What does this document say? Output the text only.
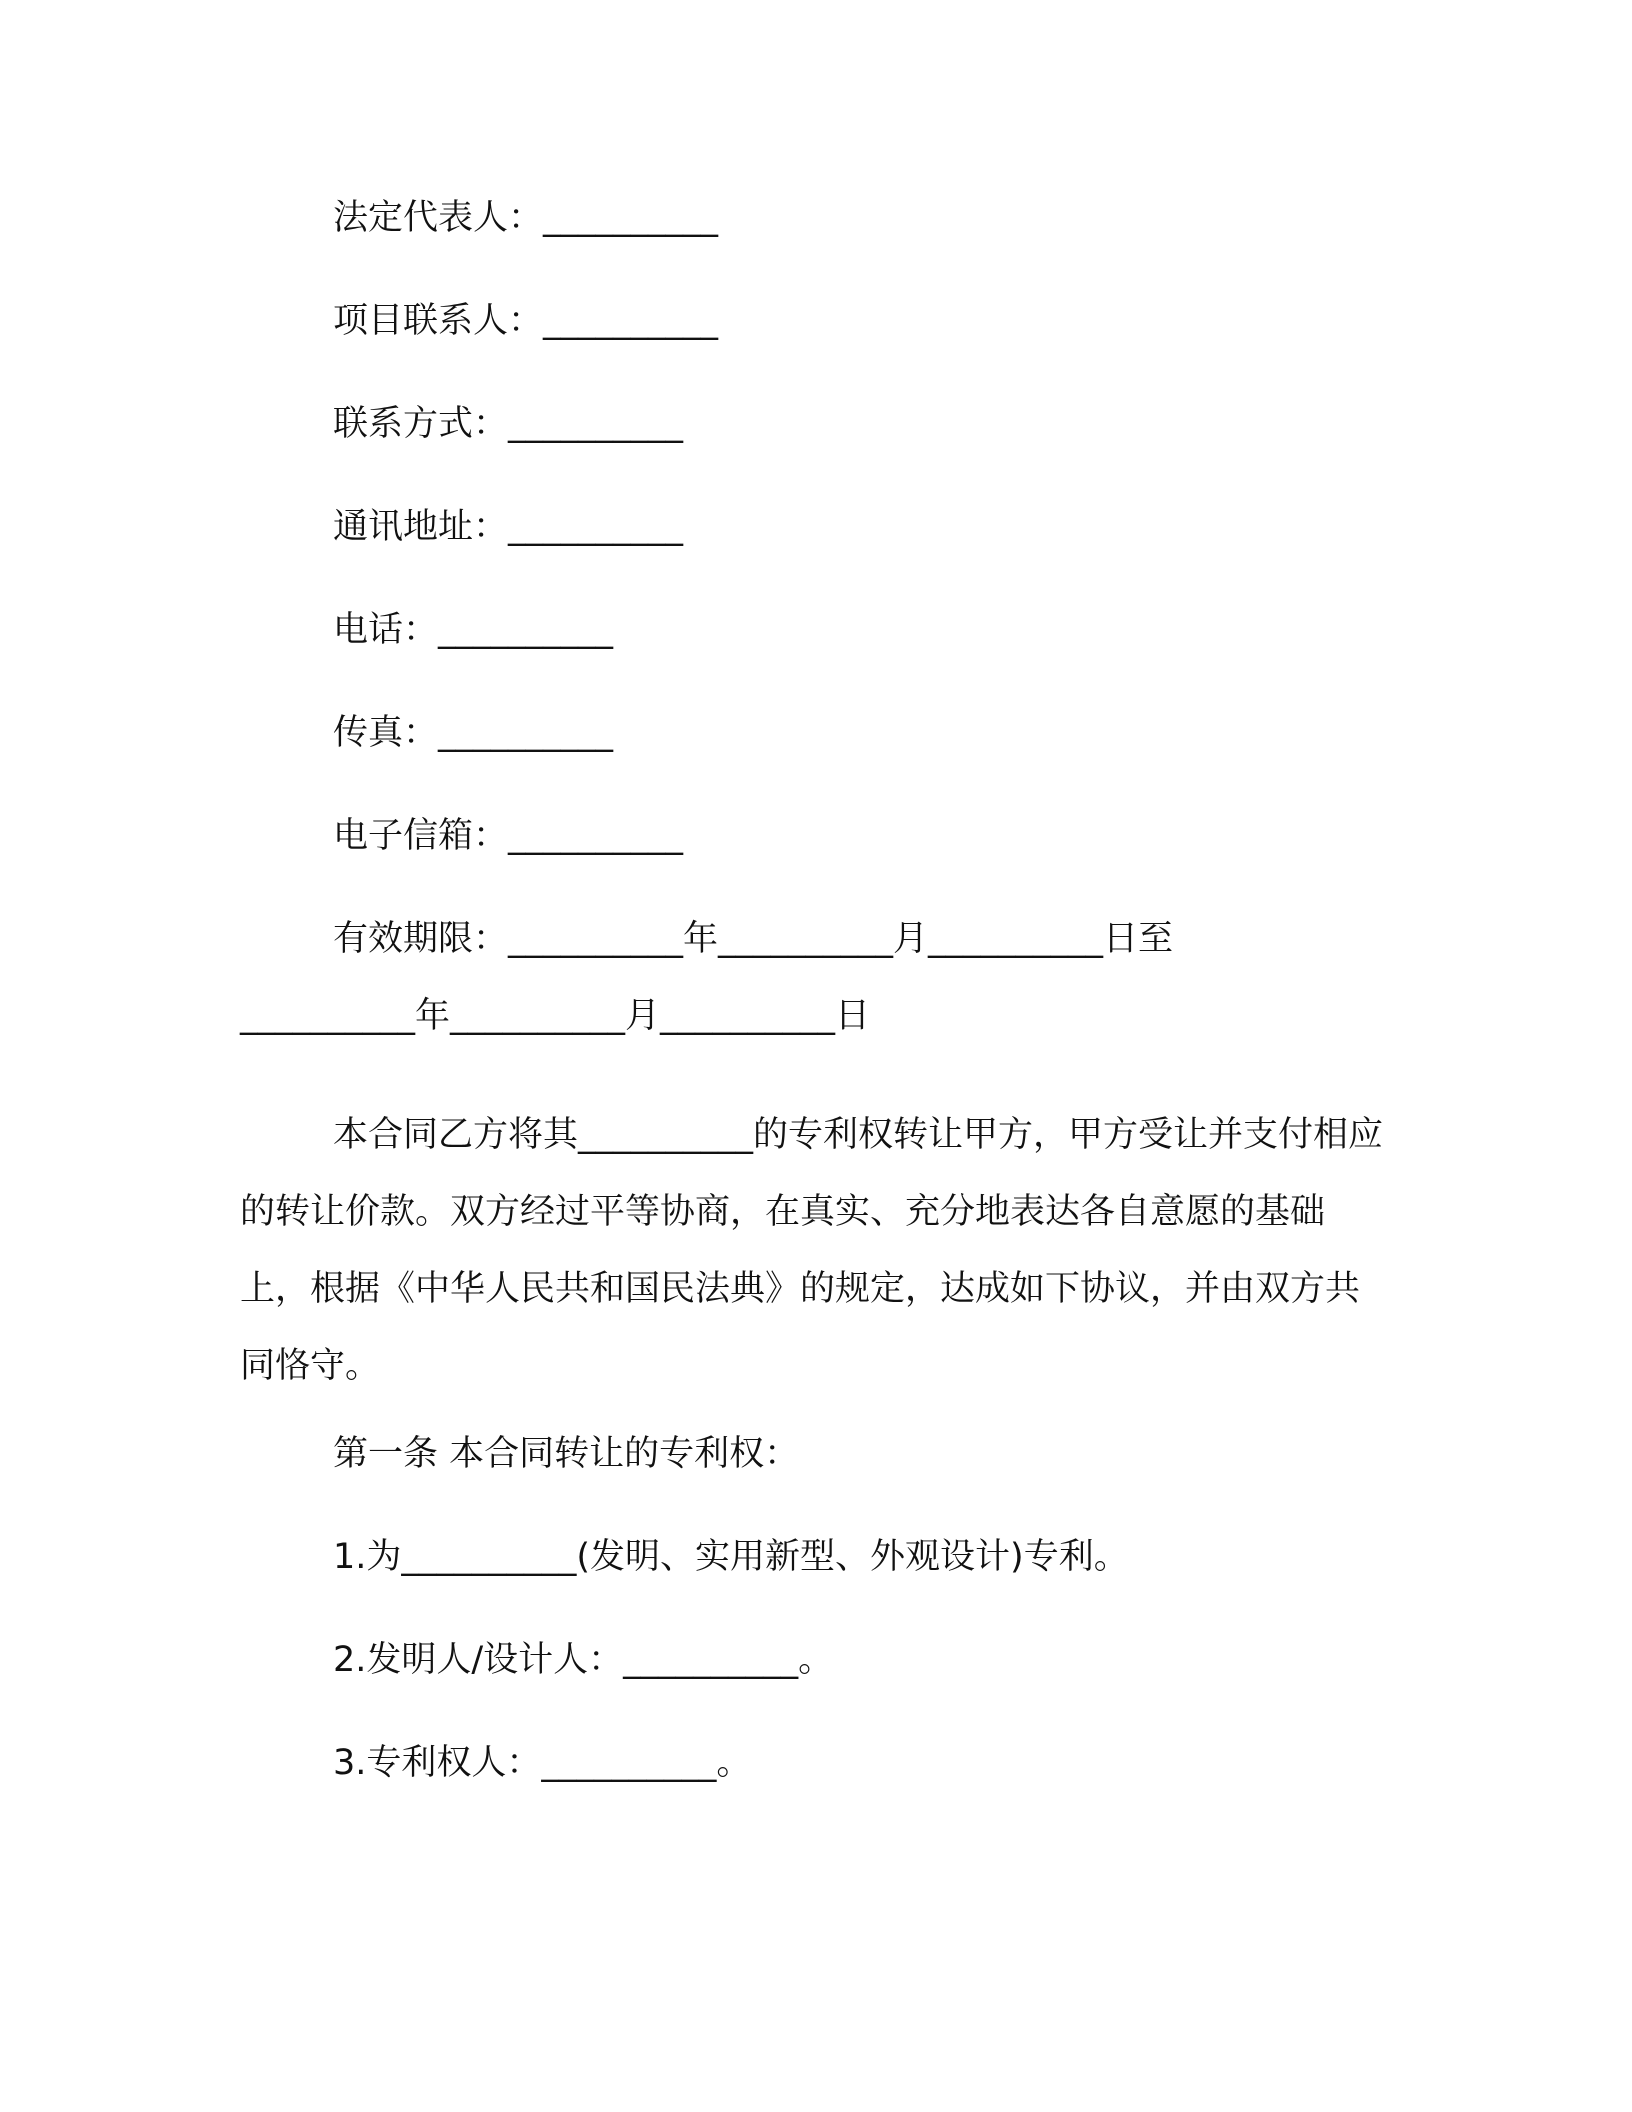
法定代表人：__________

项目联系人：__________

联系方式：__________

通讯地址：__________

电话：__________

传真：__________

电子信箱：__________

有效期限：__________年__________月__________日至

__________年__________月__________日

本合同乙方将其__________的专利权转让甲方，甲方受让并支付相应的转让价款。双方经过平等协商，在真实、充分地表达各自意愿的基础上，根据《中华人民共和国民法典》的规定，达成如下协议，并由双方共同恪守。

第一条 本合同转让的专利权：

1.为__________(发明、实用新型、外观设计)专利。

2.发明人/设计人：__________。

3.专利权人：__________。
